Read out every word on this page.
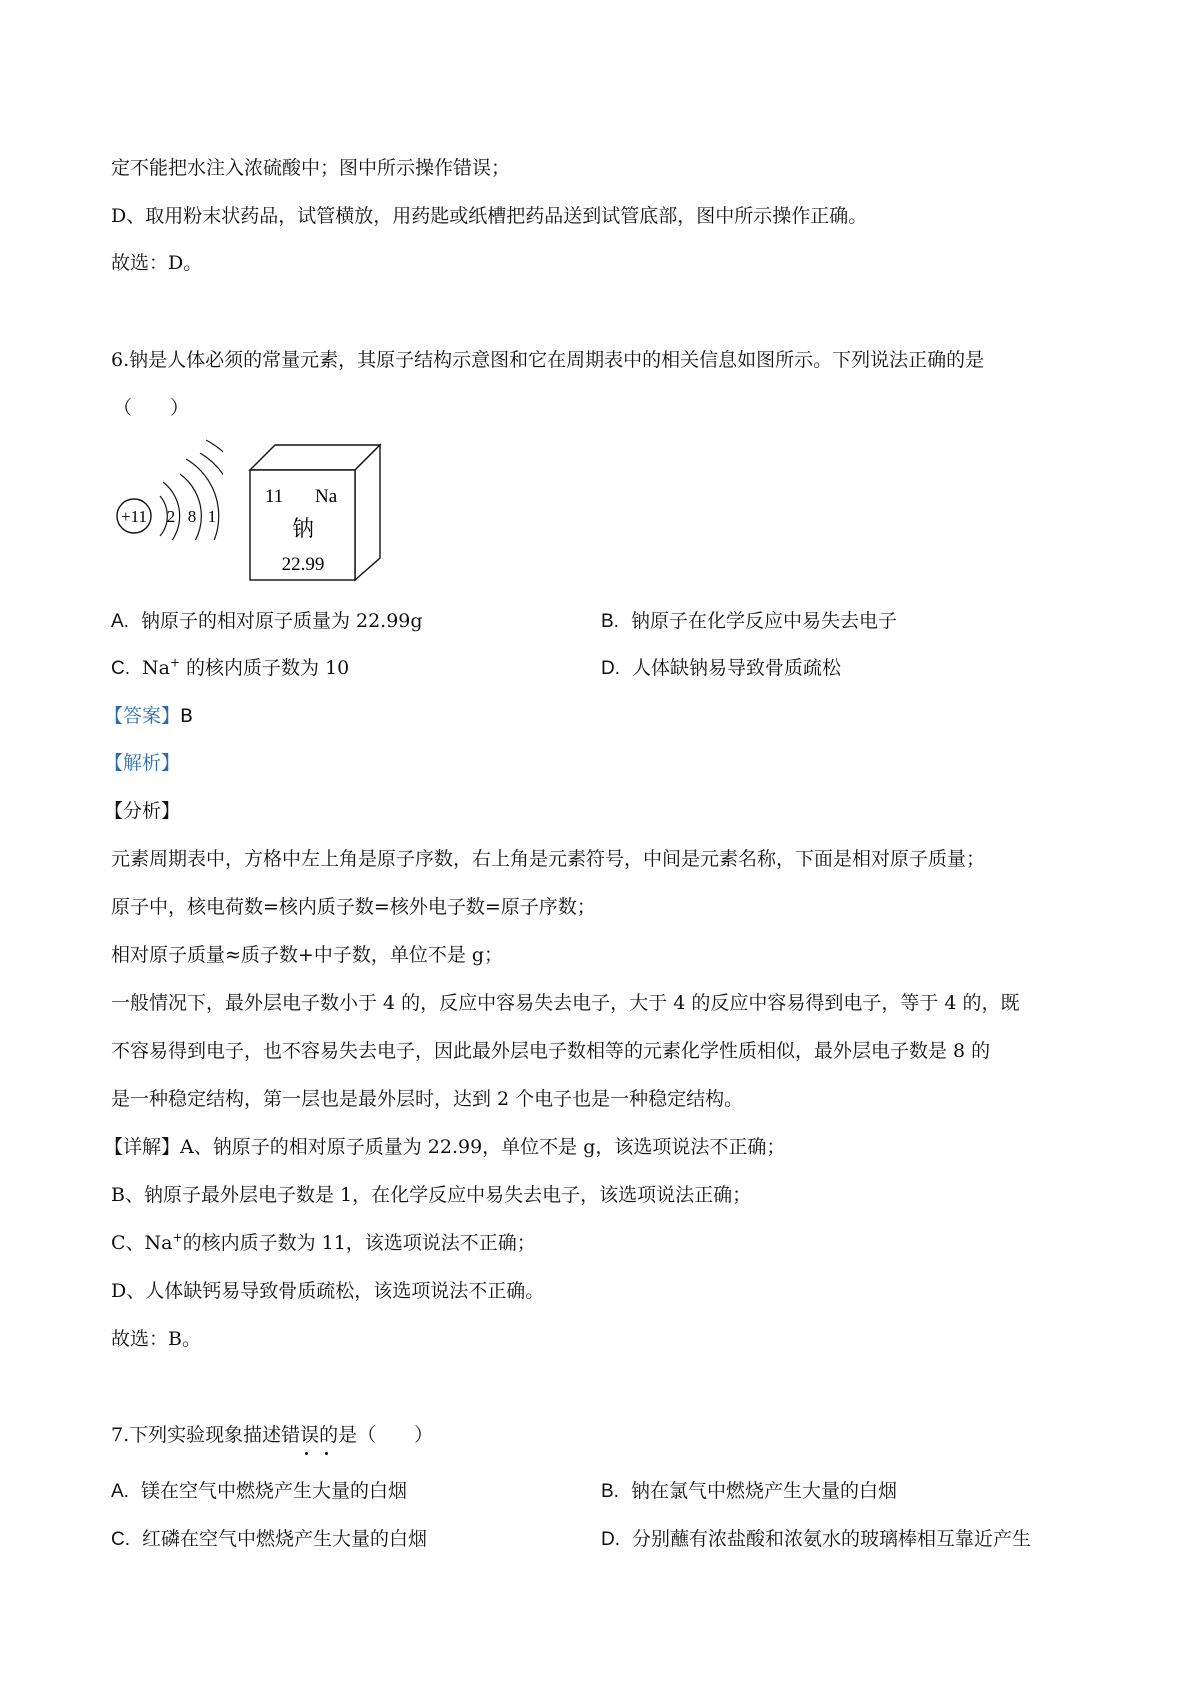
定不能把水注入浓硫酸中；图中所示操作错误；
D、取用粉末状药品，试管横放，用药匙或纸槽把药品送到试管底部，图中所示操作正确。
故选：D。
6.钠是人体必须的常量元素，其原子结构示意图和它在周期表中的相关信息如图所示。下列说法正确的是
（　　）
+11 2 8 1
11 Na
钠
22.99
A. 钠原子的相对原子质量为 22.99g	B. 钠原子在化学反应中易失去电子
C. Na+ 的核内质子数为 10	D. 人体缺钠易导致骨质疏松
【答案】B
【解析】
【分析】
元素周期表中，方格中左上角是原子序数，右上角是元素符号，中间是元素名称，下面是相对原子质量；
原子中，核电荷数=核内质子数=核外电子数=原子序数；
相对原子质量≈质子数+中子数，单位不是 g；
一般情况下，最外层电子数小于 4 的，反应中容易失去电子，大于 4 的反应中容易得到电子，等于 4 的，既
不容易得到电子，也不容易失去电子，因此最外层电子数相等的元素化学性质相似，最外层电子数是 8 的
是一种稳定结构，第一层也是最外层时，达到 2 个电子也是一种稳定结构。
【详解】A、钠原子的相对原子质量为 22.99，单位不是 g，该选项说法不正确；
B、钠原子最外层电子数是 1，在化学反应中易失去电子，该选项说法正确；
C、Na+的核内质子数为 11，该选项说法不正确；
D、人体缺钙易导致骨质疏松，该选项说法不正确。
故选：B。
7.下列实验现象描述错误的是（　　）
A. 镁在空气中燃烧产生大量的白烟	B. 钠在氯气中燃烧产生大量的白烟
C. 红磷在空气中燃烧产生大量的白烟	D. 分别蘸有浓盐酸和浓氨水的玻璃棒相互靠近产生
